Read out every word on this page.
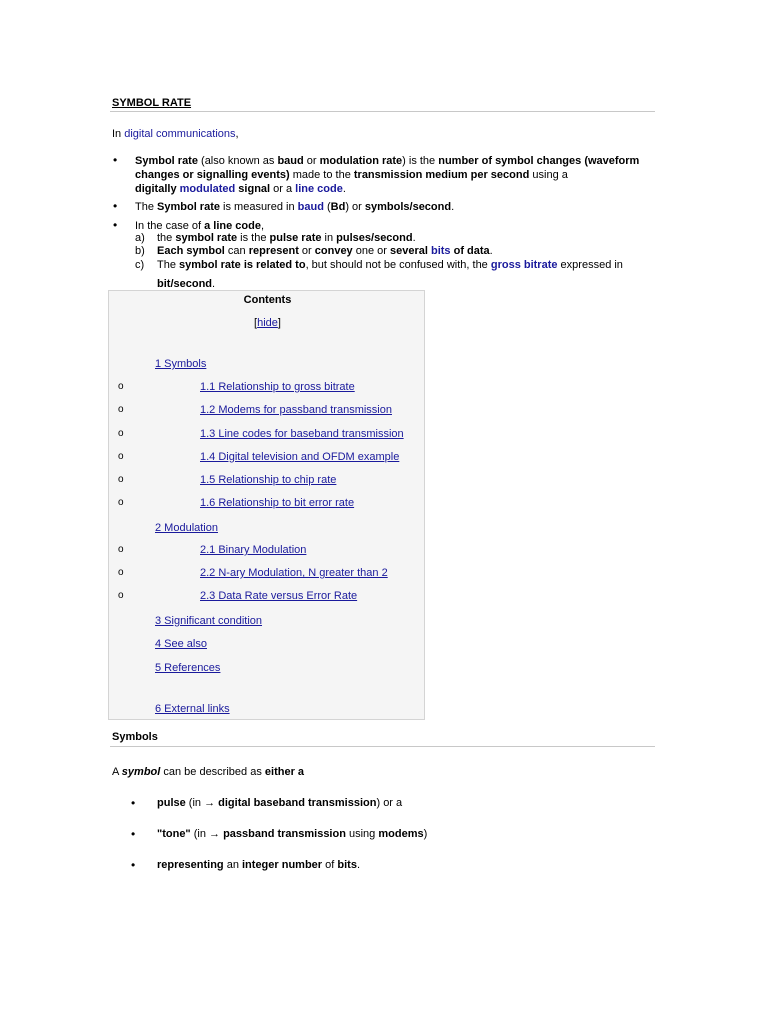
SYMBOL RATE
In digital communications,
• Symbol rate (also known as baud or modulation rate) is the number of symbol changes (waveform
changes or signalling events) made to the transmission medium per second using a
digitally modulated signal or a line code.
• The Symbol rate is measured in baud (Bd) or symbols/second.
• In the case of a line code,
a) the symbol rate is the pulse rate in pulses/second.
b) Each symbol can represent or convey one or several bits of data.
c) The symbol rate is related to, but should not be confused with, the gross bitrate expressed in
bit/second.
Contents
[hide]
1 Symbols
o	1.1 Relationship to gross bitrate
o	1.2 Modems for passband transmission
o	1.3 Line codes for baseband transmission
o	1.4 Digital television and OFDM example
o	1.5 Relationship to chip rate
o	1.6 Relationship to bit error rate
2 Modulation
o	2.1 Binary Modulation
o	2.2 N-ary Modulation, N greater than 2
o	2.3 Data Rate versus Error Rate
3 Significant condition
4 See also
5 References
6 External links
Symbols
A symbol can be described as either a
• pulse (in → digital baseband transmission) or a
• "tone" (in → passband transmission using modems)
• representing an integer number of bits.
